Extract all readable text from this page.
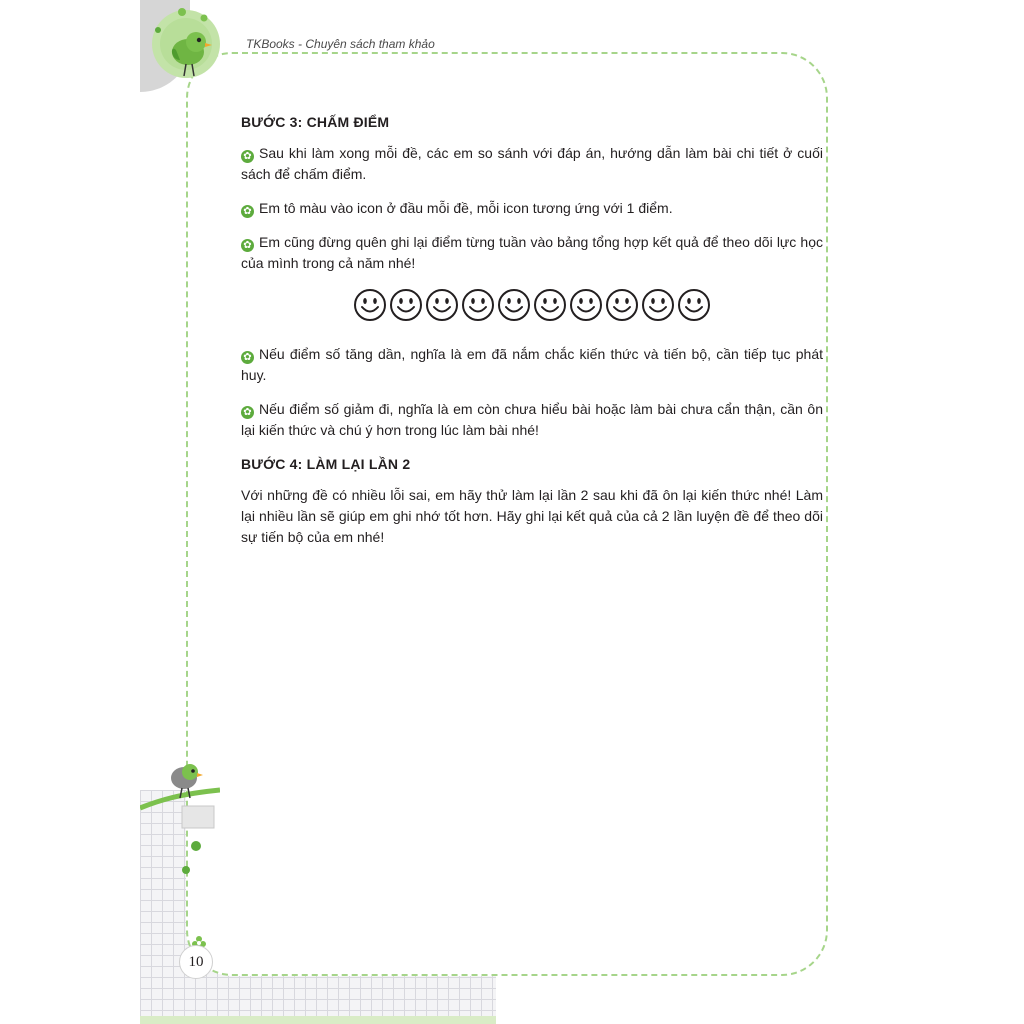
TKBooks - Chuyên sách tham khảo
BƯỚC 3: CHẤM ĐIỂM

✿ Sau khi làm xong mỗi đề, các em so sánh với đáp án, hướng dẫn làm bài chi tiết ở cuối sách để chấm điểm.

✿ Em tô màu vào icon ở đầu mỗi đề, mỗi icon tương ứng với 1 điểm.

✿ Em cũng đừng quên ghi lại điểm từng tuần vào bảng tổng hợp kết quả để theo dõi lực học của mình trong cả năm nhé!

✿ Nếu điểm số tăng dần, nghĩa là em đã nắm chắc kiến thức và tiến bộ, cần tiếp tục phát huy.

✿ Nếu điểm số giảm đi, nghĩa là em còn chưa hiểu bài hoặc làm bài chưa cẩn thận, cần ôn lại kiến thức và chú ý hơn trong lúc làm bài nhé!

BƯỚC 4: LÀM LẠI LẦN 2

Với những đề có nhiều lỗi sai, em hãy thử làm lại lần 2 sau khi đã ôn lại kiến thức nhé! Làm lại nhiều lần sẽ giúp em ghi nhớ tốt hơn. Hãy ghi lại kết quả của cả 2 lần luyện đề để theo dõi sự tiến bộ của em nhé!

10
